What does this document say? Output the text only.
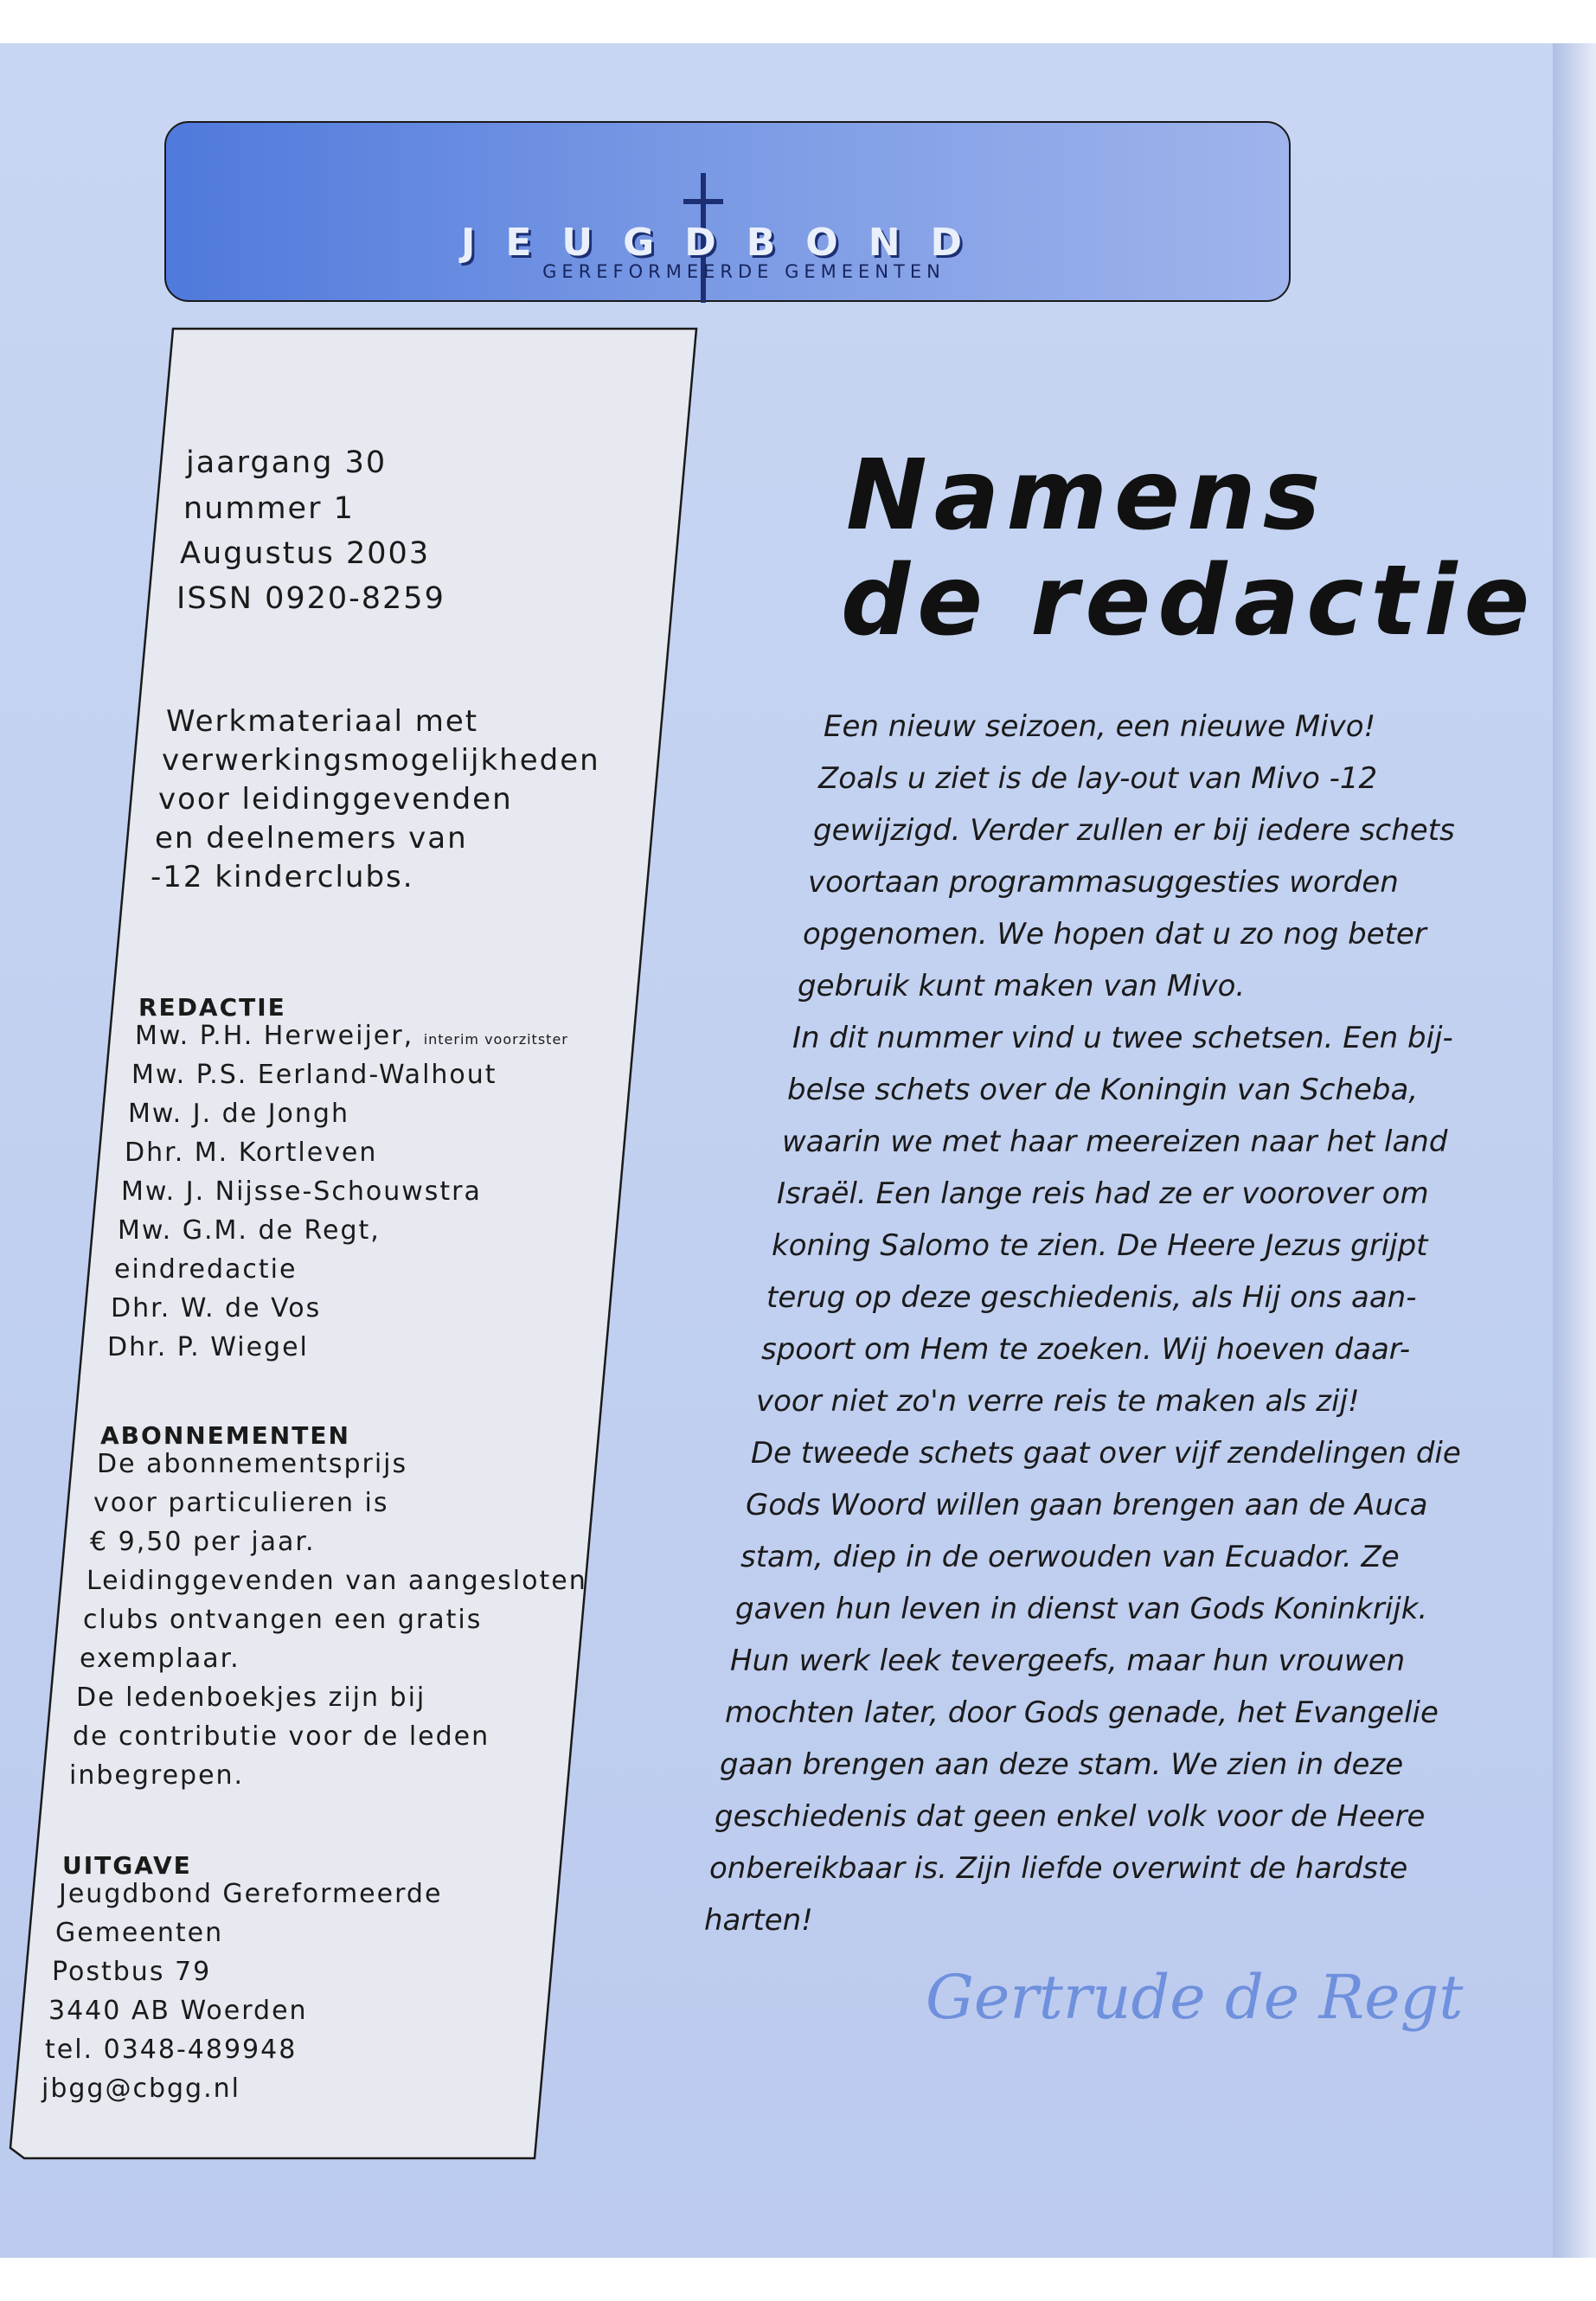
JEUGDBOND
GEREFORMEERDE GEMEENTEN
jaargang 30
nummer 1
Augustus 2003
ISSN 0920-8259
Werkmateriaal met
verwerkingsmogelijkheden
voor leidinggevenden
en deelnemers van
-12 kinderclubs.
REDACTIE
Mw. P.H. Herweijer, interim voorzitster
Mw. P.S. Eerland-Walhout
Mw. J. de Jongh
Dhr. M. Kortleven
Mw. J. Nijsse-Schouwstra
Mw. G.M. de Regt,
eindredactie
Dhr. W. de Vos
Dhr. P. Wiegel
ABONNEMENTEN
De abonnementsprijs
voor particulieren is
€ 9,50 per jaar.
Leidinggevenden van aangesloten
clubs ontvangen een gratis
exemplaar.
De ledenboekjes zijn bij
de contributie voor de leden
inbegrepen.
UITGAVE
Jeugdbond Gereformeerde
Gemeenten
Postbus 79
3440 AB Woerden
tel. 0348-489948
jbgg@cbgg.nl
Namens
de redactie
Een nieuw seizoen, een nieuwe Mivo!
Zoals u ziet is de lay-out van Mivo -12
gewijzigd. Verder zullen er bij iedere schets
voortaan programmasuggesties worden
opgenomen. We hopen dat u zo nog beter
gebruik kunt maken van Mivo.
In dit nummer vind u twee schetsen. Een bij-
belse schets over de Koningin van Scheba,
waarin we met haar meereizen naar het land
Israël. Een lange reis had ze er voorover om
koning Salomo te zien. De Heere Jezus grijpt
terug op deze geschiedenis, als Hij ons aan-
spoort om Hem te zoeken. Wij hoeven daar-
voor niet zo'n verre reis te maken als zij!
De tweede schets gaat over vijf zendelingen die
Gods Woord willen gaan brengen aan de Auca
stam, diep in de oerwouden van Ecuador. Ze
gaven hun leven in dienst van Gods Koninkrijk.
Hun werk leek tevergeefs, maar hun vrouwen
mochten later, door Gods genade, het Evangelie
gaan brengen aan deze stam. We zien in deze
geschiedenis dat geen enkel volk voor de Heere
onbereikbaar is. Zijn liefde overwint de hardste
harten!
Gertrude de Regt
